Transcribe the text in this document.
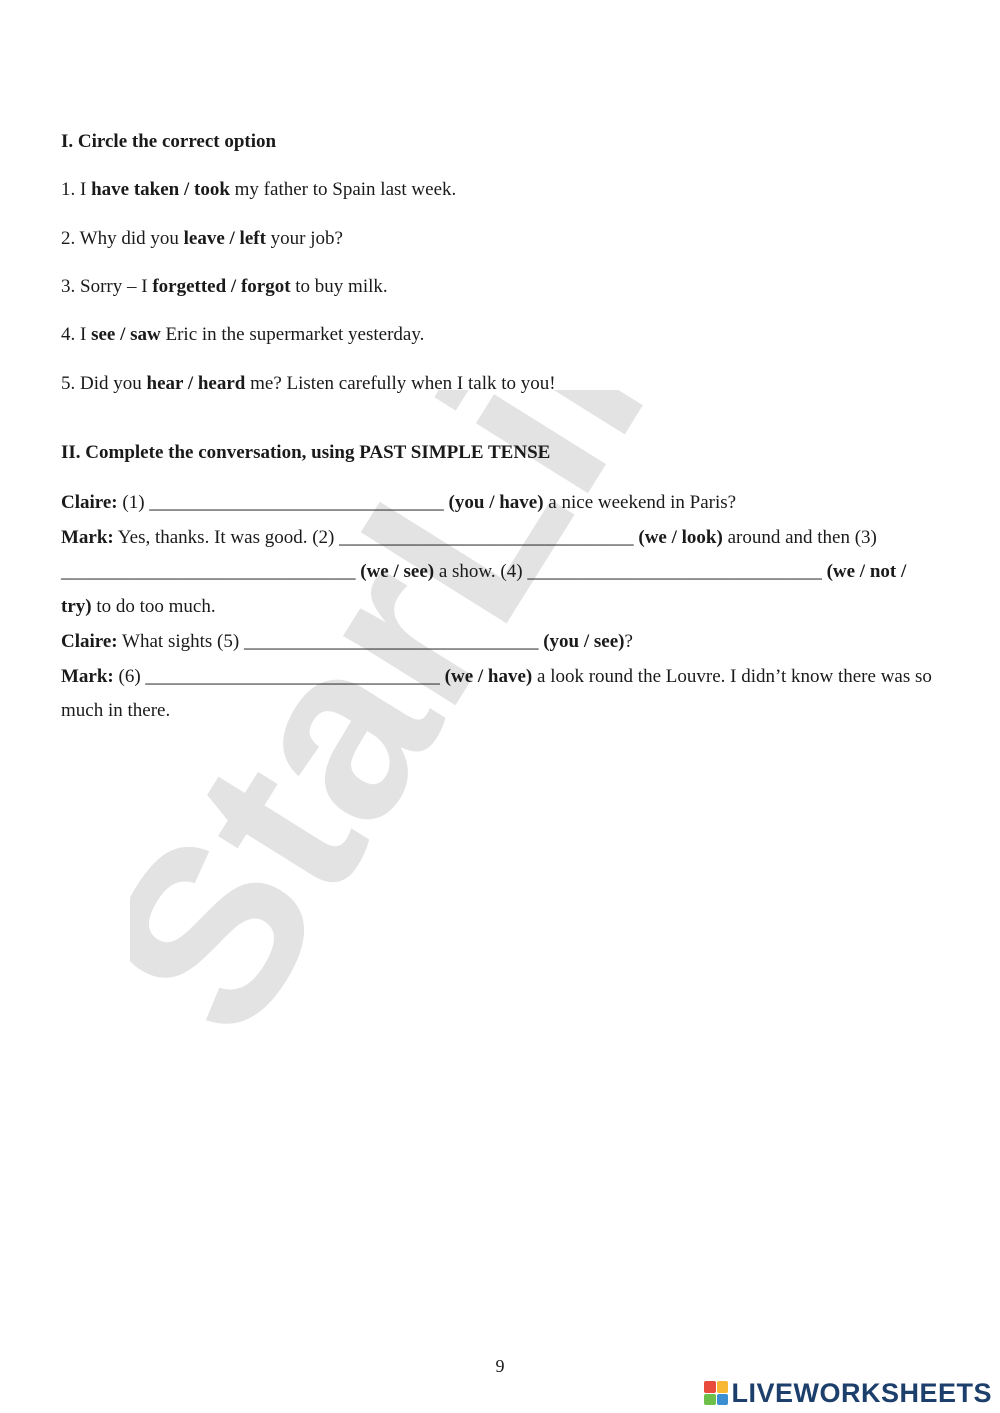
StarLink
I. Circle the correct option
1. I have taken / took my father to Spain last week.
2. Why did you leave / left your job?
3. Sorry – I forgetted / forgot to buy milk.
4. I see / saw Eric in the supermarket yesterday.
5. Did you hear / heard me? Listen carefully when I talk to you!
II. Complete the conversation, using PAST SIMPLE TENSE

Claire: (1) _______________________________ (you / have) a nice weekend in Paris?

Mark: Yes, thanks. It was good. (2) _______________________________ (we / look) around and then (3) _______________________________ (we / see) a show. (4) _______________________________ (we / not / try) to do too much.

Claire: What sights (5) _______________________________ (you / see)?

Mark: (6) _______________________________ (we / have) a look round the Louvre. I didn’t know there was so much in there.

9
LIVEWORKSHEETS
